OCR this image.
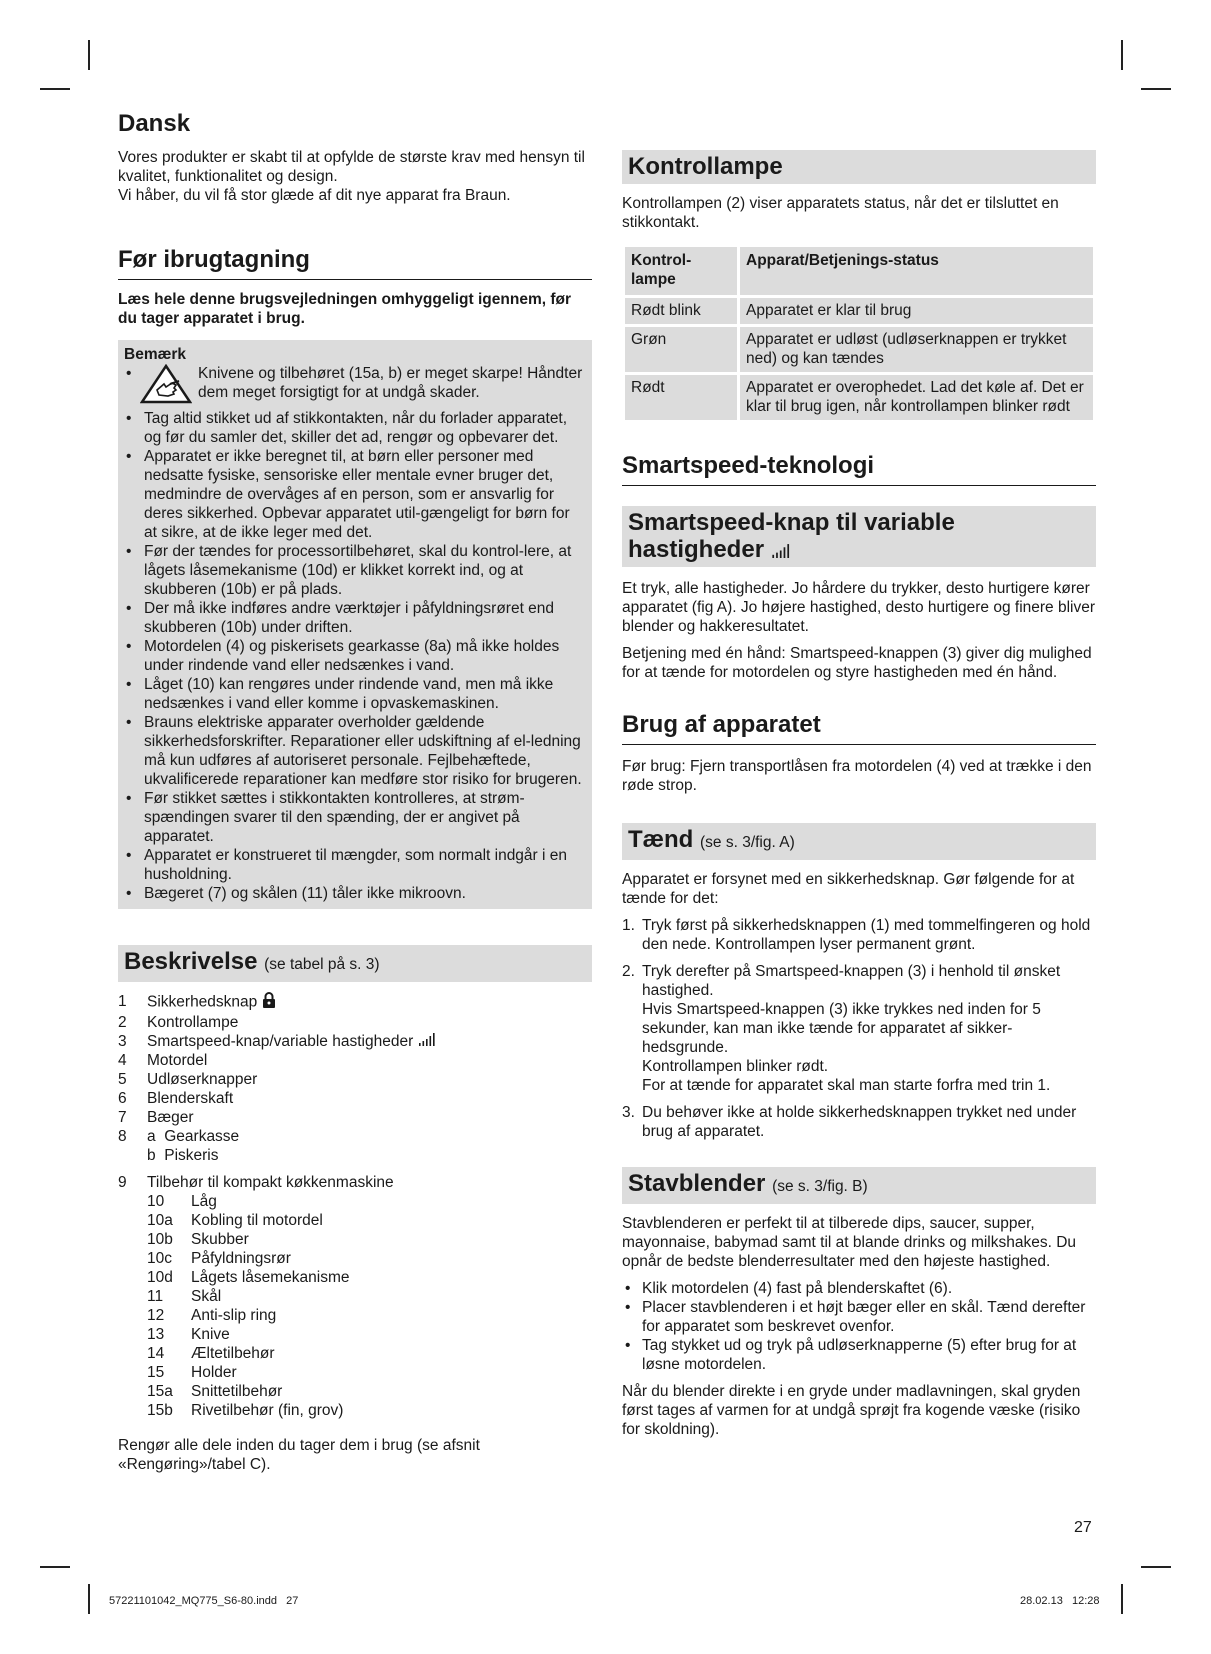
Dansk

Vores produkter er skabt til at opfylde de største krav med hensyn til kvalitet, funktionalitet og design.

Vi håber, du vil få stor glæde af dit nye apparat fra Braun.

Før ibrugtagning

Læs hele denne brugsvejledningen omhyggeligt igennem, før du tager apparatet i brug.

Bemærk
• Knivene og tilbehøret (15a, b) er meget skarpe! Håndter dem meget forsigtigt for at undgå skader.
• Tag altid stikket ud af stikkontakten, når du forlader apparatet, og før du samler det, skiller det ad, rengør og opbevarer det.
• Apparatet er ikke beregnet til, at børn eller personer med nedsatte fysiske, sensoriske eller mentale evner bruger det, medmindre de overvåges af en person, som er ansvarlig for deres sikkerhed. Opbevar apparatet util-gængeligt for børn for at sikre, at de ikke leger med det.
• Før der tændes for processortilbehøret, skal du kontrol-lere, at lågets låsemekanisme (10d) er klikket korrekt ind, og at skubberen (10b) er på plads.
• Der må ikke indføres andre værktøjer i påfyldningsrøret end skubberen (10b) under driften.
• Motordelen (4) og piskerisets gearkasse (8a) må ikke holdes under rindende vand eller nedsænkes i vand.
• Låget (10) kan rengøres under rindende vand, men må ikke nedsænkes i vand eller komme i opvaskemaskinen.
• Brauns elektriske apparater overholder gældende sikkerhedsforskrifter. Reparationer eller udskiftning af el-ledning må kun udføres af autoriseret personale. Fejlbehæftede, ukvalificerede reparationer kan medføre stor risiko for brugeren.
• Før stikket sættes i stikkontakten kontrolleres, at strøm-spændingen svarer til den spænding, der er angivet på apparatet.
• Apparatet er konstrueret til mængder, som normalt indgår i en husholdning.
• Bægeret (7) og skålen (11) tåler ikke mikroovn.
Beskrivelse (se tabel på s. 3)
1	Sikkerhedsknap
2	Kontrollampe
3	Smartspeed-knap/variable hastigheder
4	Motordel
5	Udløserknapper
6	Blenderskaft
7	Bæger
8	a  Gearkasse
b  Piskeris
9	Tilbehør til kompakt køkkenmaskine
10	Låg
10a	Kobling til motordel
10b	Skubber
10c	Påfyldningsrør
10d	Lågets låsemekanisme
11	Skål
12	Anti-slip ring
13	Knive
14	Æltetilbehør
15	Holder
15a	Snittetilbehør
15b	Rivetilbehør (fin, grov)

Rengør alle dele inden du tager dem i brug (se afsnit «Rengøring»/tabel C).

Kontrollampe

Kontrollampen (2) viser apparatets status, når det er tilsluttet en stikkontakt.

Kontrol-lampe	Apparat/Betjenings-status
Rødt blink	Apparatet er klar til brug
Grøn	Apparatet er udløst (udløserknappen er trykket ned) og kan tændes
Rødt	Apparatet er overophedet. Lad det køle af. Det er klar til brug igen, når kontrollampen blinker rødt
Smartspeed-teknologi
Smartspeed-knap til variable hastigheder

Et tryk, alle hastigheder. Jo hårdere du trykker, desto hurtigere kører apparatet (fig A). Jo højere hastighed, desto hurtigere og finere bliver blender og hakkeresultatet.

Betjening med én hånd: Smartspeed-knappen (3) giver dig mulighed for at tænde for motordelen og styre hastigheden med én hånd.

Brug af apparatet

Før brug: Fjern transportlåsen fra motordelen (4) ved at trække i den røde strop.

Tænd (se s. 3/fig. A)

Apparatet er forsynet med en sikkerhedsknap. Gør følgende for at tænde for det:

1. Tryk først på sikkerhedsknappen (1) med tommelfingeren og hold den nede. Kontrollampen lyser permanent grønt.
2. Tryk derefter på Smartspeed-knappen (3) i henhold til ønsket hastighed.
Hvis Smartspeed-knappen (3) ikke trykkes ned inden for 5 sekunder, kan man ikke tænde for apparatet af sikker-hedsgrunde.
Kontrollampen blinker rødt.
For at tænde for apparatet skal man starte forfra med trin 1.
3. Du behøver ikke at holde sikkerhedsknappen trykket ned under brug af apparatet.
Stavblender (se s. 3/fig. B)

Stavblenderen er perfekt til at tilberede dips, saucer, supper, mayonnaise, babymad samt til at blande drinks og milkshakes. Du opnår de bedste blenderresultater med den højeste hastighed.

• Klik motordelen (4) fast på blenderskaftet (6).
• Placer stavblenderen i et højt bæger eller en skål. Tænd derefter for apparatet som beskrevet ovenfor.
• Tag stykket ud og tryk på udløserknapperne (5) efter brug for at løsne motordelen.

Når du blender direkte i en gryde under madlavningen, skal gryden først tages af varmen for at undgå sprøjt fra kogende væske (risiko for skoldning).

27
57221101042_MQ775_S6-80.indd   27	28.02.13   12:28
